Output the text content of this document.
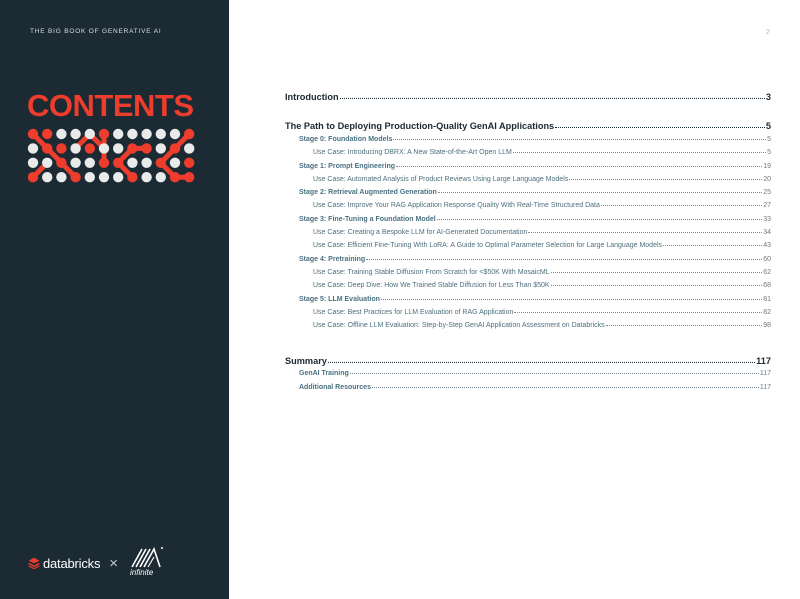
THE BIG BOOK OF GENERATIVE AI
CONTENTS
databricks ×
infinite
2
Introduction	3
The Path to Deploying Production-Quality GenAI Applications	5
Stage 0: Foundation Models	5
Use Case: Introducing DBRX: A New State-of-the-Art Open LLM	5
Stage 1: Prompt Engineering	19
Use Case: Automated Analysis of Product Reviews Using Large Language Models	20
Stage 2: Retrieval Augmented Generation	25
Use Case: Improve Your RAG Application Response Quality With Real-Time Structured Data	27
Stage 3: Fine-Tuning a Foundation Model	33
Use Case: Creating a Bespoke LLM for AI-Generated Documentation	34
Use Case: Efficient Fine-Tuning With LoRA: A Guide to Optimal Parameter Selection for Large Language Models	43
Stage 4: Pretraining	60
Use Case: Training Stable Diffusion From Scratch for <$50K With MosaicML	62
Use Case: Deep Dive: How We Trained Stable Diffusion for Less Than $50K	68
Stage 5: LLM Evaluation	81
Use Case: Best Practices for LLM Evaluation of RAG Application	82
Use Case: Offline LLM Evaluation: Step-by-Step GenAI Application Assessment on Databricks	98
Summary	117
GenAI Training	117
Additional Resources	117
